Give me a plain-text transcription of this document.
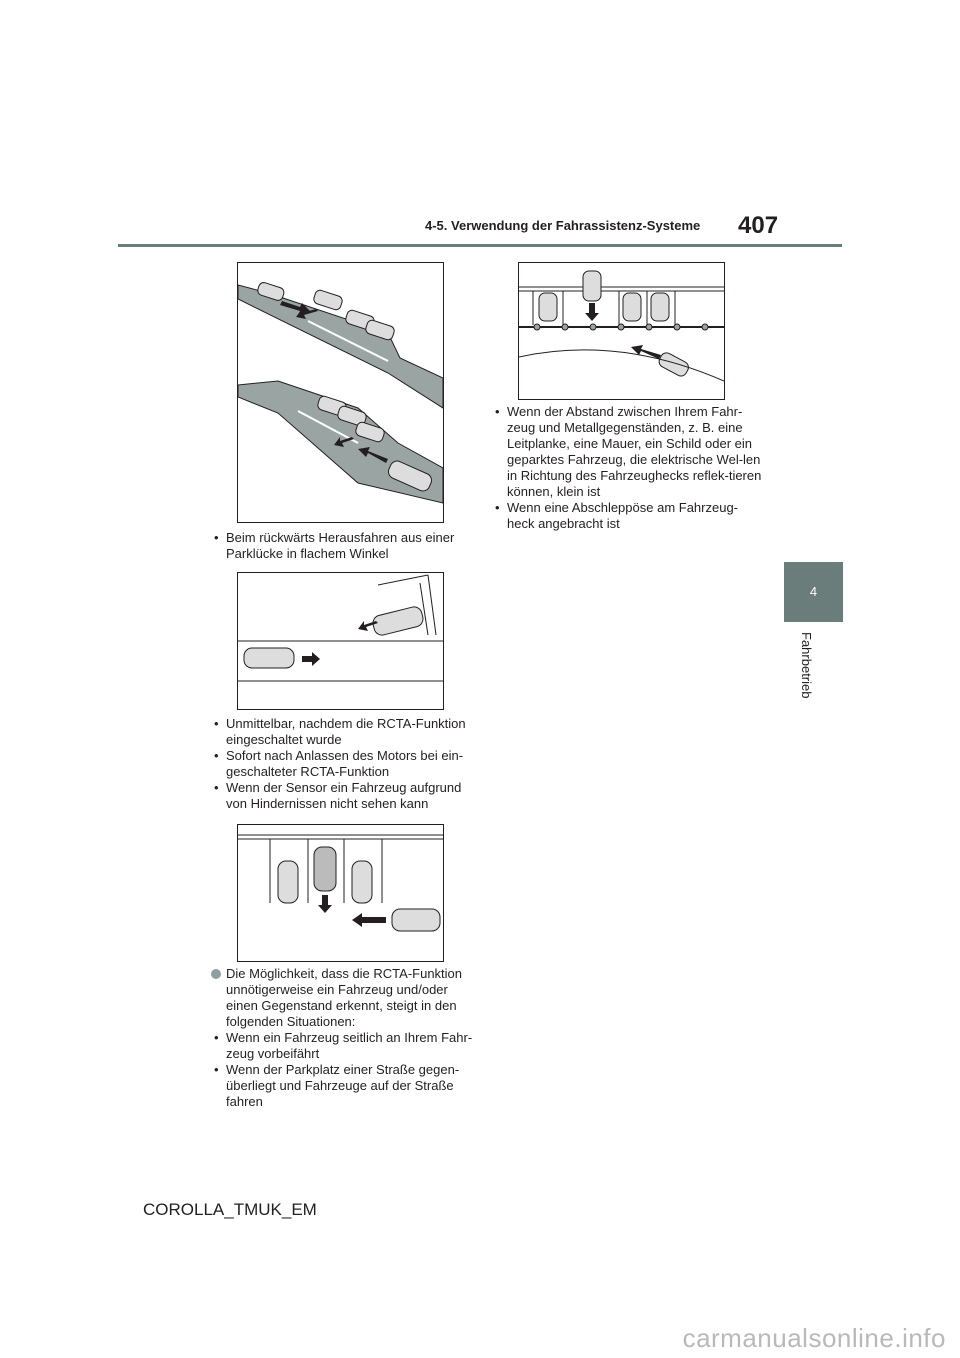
4-5. Verwendung der Fahrassistenz-Systeme 407
4
Fahrbetrieb
• Beim rückwärts Herausfahren aus einer Parklücke in flachem Winkel
• Unmittelbar, nachdem die RCTA-Funktion eingeschaltet wurde
• Sofort nach Anlassen des Motors bei ein-geschalteter RCTA-Funktion
• Wenn der Sensor ein Fahrzeug aufgrund von Hindernissen nicht sehen kann
Die Möglichkeit, dass die RCTA-Funktion unnötigerweise ein Fahrzeug und/oder einen Gegenstand erkennt, steigt in den folgenden Situationen:
• Wenn ein Fahrzeug seitlich an Ihrem Fahr-zeug vorbeifährt
• Wenn der Parkplatz einer Straße gegen-überliegt und Fahrzeuge auf der Straße fahren
• Wenn der Abstand zwischen Ihrem Fahr-zeug und Metallgegenständen, z. B. eine Leitplanke, eine Mauer, ein Schild oder ein geparktes Fahrzeug, die elektrische Wel-len in Richtung des Fahrzeughecks reflek-tieren können, klein ist
• Wenn eine Abschleppöse am Fahrzeug-heck angebracht ist
COROLLA_TMUK_EM
carmanualsonline.info
